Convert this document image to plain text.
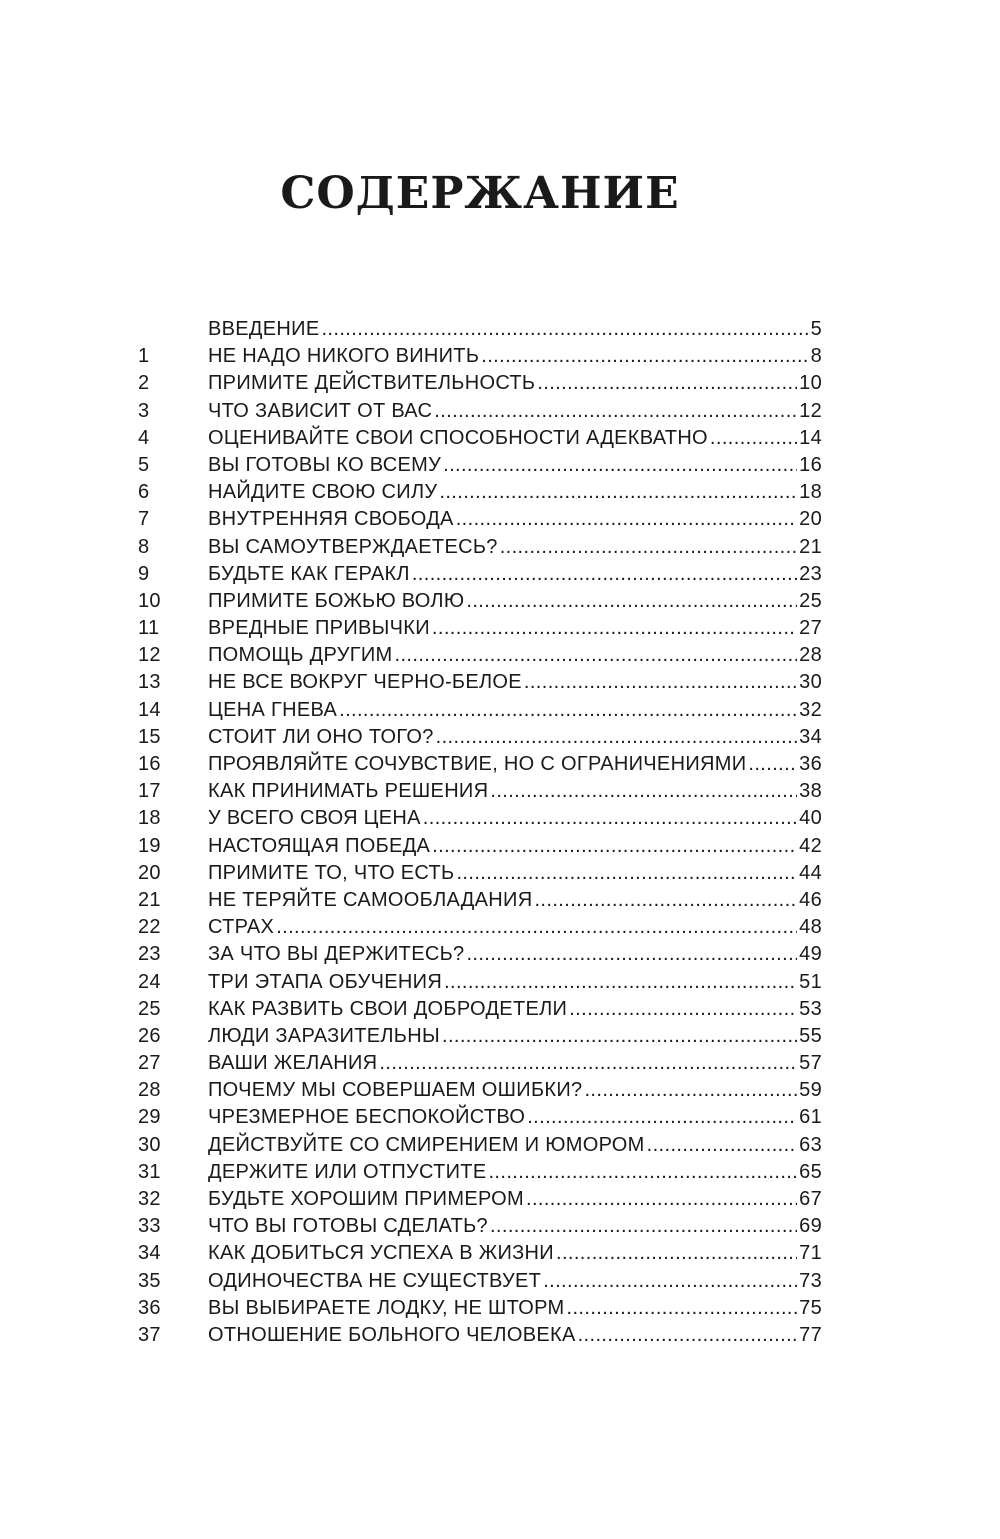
СОДЕРЖАНИЕ
ВВЕДЕНИЕ .....	5
1	НЕ НАДО НИКОГО ВИНИТЬ .....	8
2	ПРИМИТЕ ДЕЙСТВИТЕЛЬНОСТЬ .....	10
3	ЧТО ЗАВИСИТ ОТ ВАС .....	12
4	ОЦЕНИВАЙТЕ СВОИ СПОСОБНОСТИ АДЕКВАТНО .....	14
5	ВЫ ГОТОВЫ КО ВСЕМУ .....	16
6	НАЙДИТЕ СВОЮ СИЛУ .....	18
7	ВНУТРЕННЯЯ СВОБОДА .....	20
8	ВЫ САМОУТВЕРЖДАЕТЕСЬ? .....	21
9	БУДЬТЕ КАК ГЕРАКЛ .....	23
10	ПРИМИТЕ БОЖЬЮ ВОЛЮ .....	25
11	ВРЕДНЫЕ ПРИВЫЧКИ .....	27
12	ПОМОЩЬ ДРУГИМ .....	28
13	НЕ ВСЕ ВОКРУГ ЧЕРНО-БЕЛОЕ .....	30
14	ЦЕНА ГНЕВА .....	32
15	СТОИТ ЛИ ОНО ТОГО? .....	34
16	ПРОЯВЛЯЙТЕ СОЧУВСТВИЕ, НО С ОГРАНИЧЕНИЯМИ .....	36
17	КАК ПРИНИМАТЬ РЕШЕНИЯ .....	38
18	У ВСЕГО СВОЯ ЦЕНА .....	40
19	НАСТОЯЩАЯ ПОБЕДА .....	42
20	ПРИМИТЕ ТО, ЧТО ЕСТЬ .....	44
21	НЕ ТЕРЯЙТЕ САМООБЛАДАНИЯ .....	46
22	СТРАХ .....	48
23	ЗА ЧТО ВЫ ДЕРЖИТЕСЬ? .....	49
24	ТРИ ЭТАПА ОБУЧЕНИЯ .....	51
25	КАК РАЗВИТЬ СВОИ ДОБРОДЕТЕЛИ .....	53
26	ЛЮДИ ЗАРАЗИТЕЛЬНЫ .....	55
27	ВАШИ ЖЕЛАНИЯ .....	57
28	ПОЧЕМУ МЫ СОВЕРШАЕМ ОШИБКИ? .....	59
29	ЧРЕЗМЕРНОЕ БЕСПОКОЙСТВО .....	61
30	ДЕЙСТВУЙТЕ СО СМИРЕНИЕМ И ЮМОРОМ .....	63
31	ДЕРЖИТЕ ИЛИ ОТПУСТИТЕ .....	65
32	БУДЬТЕ ХОРОШИМ ПРИМЕРОМ .....	67
33	ЧТО ВЫ ГОТОВЫ СДЕЛАТЬ? .....	69
34	КАК ДОБИТЬСЯ УСПЕХА В ЖИЗНИ .....	71
35	ОДИНОЧЕСТВА НЕ СУЩЕСТВУЕТ .....	73
36	ВЫ ВЫБИРАЕТЕ ЛОДКУ, НЕ ШТОРМ .....	75
37	ОТНОШЕНИЕ БОЛЬНОГО ЧЕЛОВЕКА .....	77
